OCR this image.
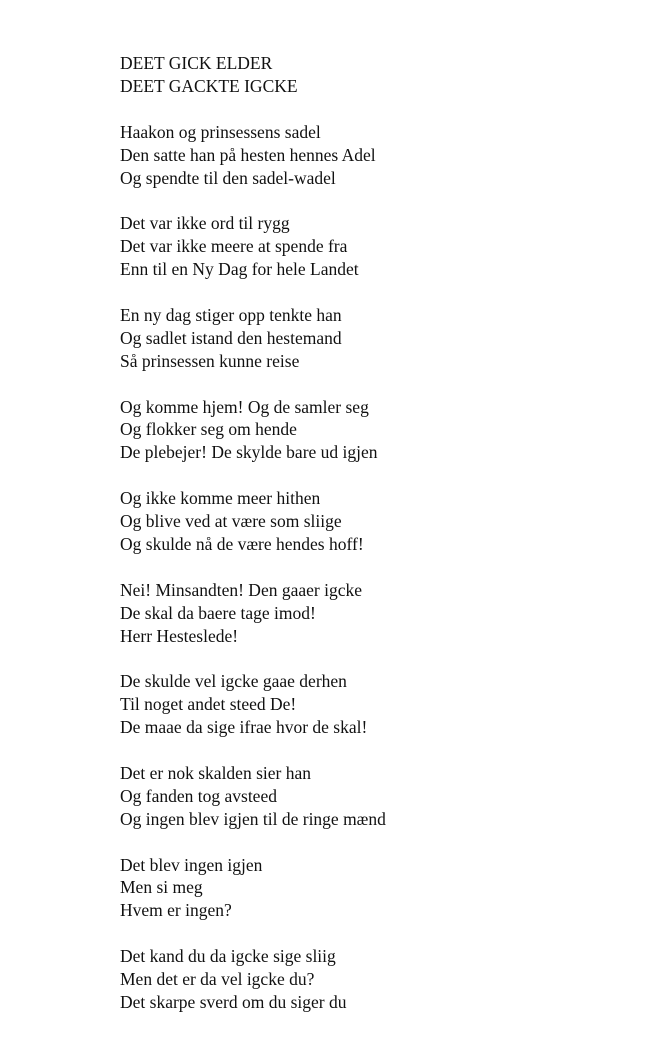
DEET GICK ELDER
DEET GACKTE IGCKE
Haakon og prinsessens sadel
Den satte han på hesten hennes Adel
Og spendte til den sadel-wadel
Det var ikke ord til rygg
Det var ikke meere at spende fra
Enn til en Ny Dag for hele Landet
En ny dag stiger opp tenkte han
Og sadlet istand den hestemand
Så prinsessen kunne reise
Og komme hjem! Og de samler seg
Og flokker seg om hende
De plebejer! De skylde bare ud igjen
Og ikke komme meer hithen
Og blive ved at være som sliige
Og skulde nå de være hendes hoff!
Nei! Minsandten! Den gaaer igcke
De skal da baere tage imod!
Herr Hesteslede!
De skulde vel igcke gaae derhen
Til noget andet steed De!
De maae da sige ifrae hvor de skal!
Det er nok skalden sier han
Og fanden tog avsteed
Og ingen blev igjen til de ringe mænd
Det blev ingen igjen
Men si meg
Hvem er ingen?
Det kand du da igcke sige sliig
Men det er da vel igcke du?
Det skarpe sverd om du siger du
